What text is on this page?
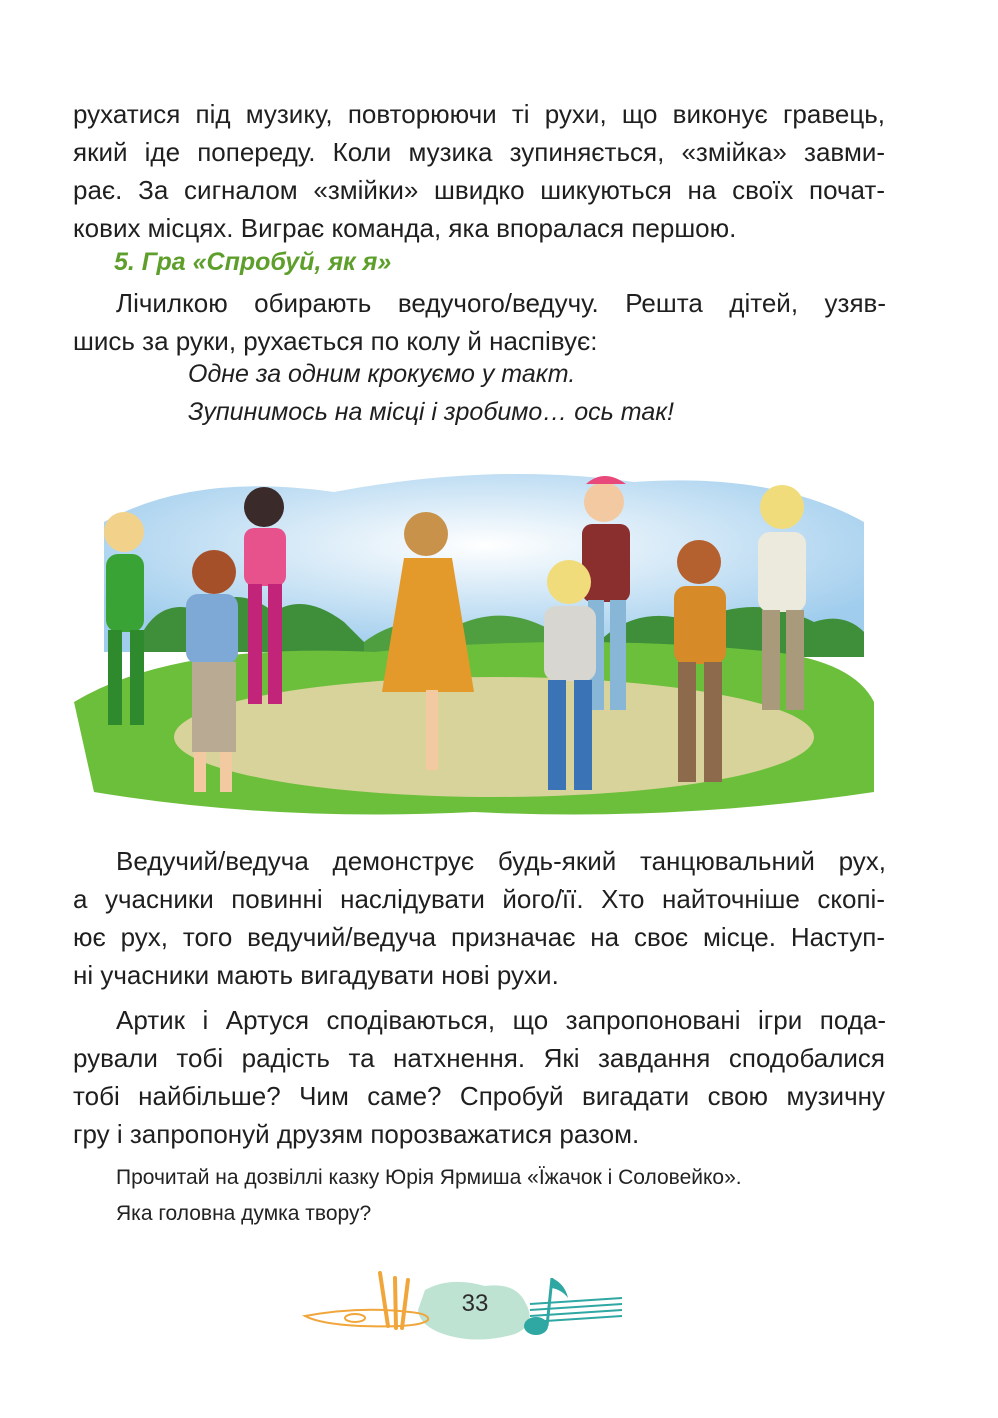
рухатися під музику, повторюючи ті рухи, що виконує гравець,
який іде попереду. Коли музика зупиняється, «змійка» завми-
рає. За сигналом «змійки» швидко шикуються на своїх почат-
кових місцях. Виграє команда, яка впоралася першою.
5. Гра «Спробуй, як я»
Лічилкою обирають ведучого/ведучу. Решта дітей, узяв-
шись за руки, рухається по колу й наспівує:
Одне за одним крокуємо у такт.
Зупинимось на місці і зробимо… ось так!
Ведучий/ведуча демонструє будь-який танцювальний рух,
а учасники повинні наслідувати його/її. Хто найточніше скопі-
ює рух, того ведучий/ведуча призначає на своє місце. Наступ-
ні учасники мають вигадувати нові рухи.
Артик і Артуся сподіваються, що запропоновані ігри пода-
рували тобі радість та натхнення. Які завдання сподобалися
тобі найбільше? Чим саме? Спробуй вигадати свою музичну
гру і запропонуй друзям порозважатися разом.
Прочитай на дозвіллі казку Юрія Ярмиша «Їжачок і Соловейко».
Яка головна думка твору?
33
